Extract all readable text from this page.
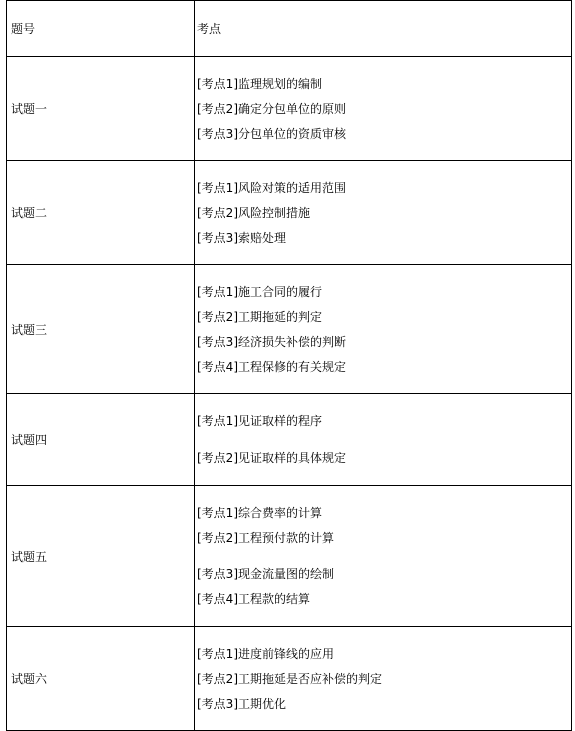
题号	考点
试题一	[考点1]监理规划的编制
[考点2]确定分包单位的原则
[考点3]分包单位的资质审核

试题二	[考点1]风险对策的适用范围
[考点2]风险控制措施
[考点3]索赔处理

试题三	[考点1]施工合同的履行
[考点2]工期拖延的判定
[考点3]经济损失补偿的判断
[考点4]工程保修的有关规定

试题四	[考点1]见证取样的程序
[考点2]见证取样的具体规定

试题五	[考点1]综合费率的计算
[考点2]工程预付款的计算
[考点3]现金流量图的绘制
[考点4]工程款的结算

试题六	[考点1]进度前锋线的应用
[考点2]工期拖延是否应补偿的判定
[考点3]工期优化
